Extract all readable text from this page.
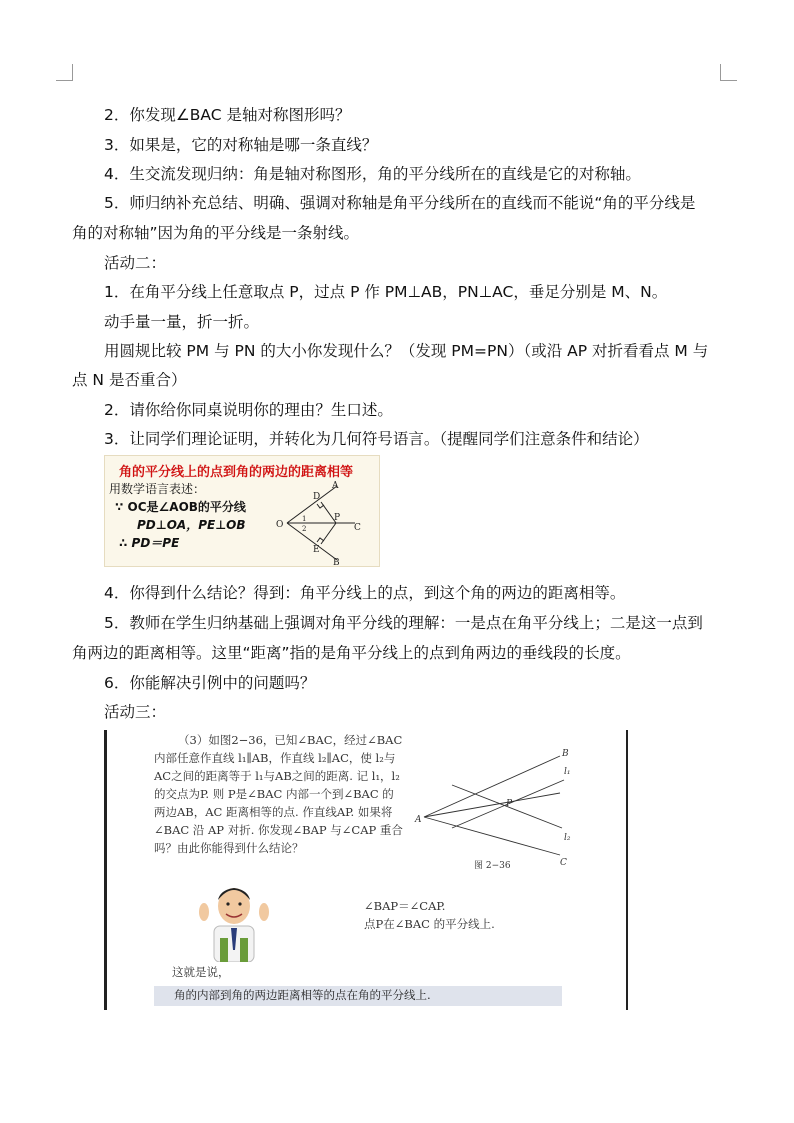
2．你发现∠BAC 是轴对称图形吗？
3．如果是，它的对称轴是哪一条直线？
4．生交流发现归纳：角是轴对称图形，角的平分线所在的直线是它的对称轴。
5．师归纳补充总结、明确、强调对称轴是角平分线所在的直线而不能说“角的平分线是
角的对称轴”因为角的平分线是一条射线。
活动二：
1．在角平分线上任意取点 P，过点 P 作 PM⊥AB，PN⊥AC，垂足分别是 M、N。
动手量一量，折一折。
用圆规比较 PM 与 PN 的大小你发现什么？（发现 PM=PN）（或沿 AP 对折看看点 M 与
点 N 是否重合）
2．请你给你同桌说明你的理由？生口述。
3．让同学们理论证明，并转化为几何符号语言。（提醒同学们注意条件和结论）
角的平分线上的点到角的两边的距离相等
用数学语言表述：
∵ OC是∠AOB的平分线
PD⊥OA，PE⊥OB
∴ PD＝PE
O
A
B
C
D
E
P
1
2
4．你得到什么结论？得到：角平分线上的点，到这个角的两边的距离相等。
5．教师在学生归纳基础上强调对角平分线的理解：一是点在角平分线上；二是这一点到
角两边的距离相等。这里“距离”指的是角平分线上的点到角两边的垂线段的长度。
6．你能解决引例中的问题吗？
活动三：
（3）如图2−36，已知∠BAC，经过∠BAC
内部任意作直线 l₁∥AB，作直线 l₂∥AC，使 l₂与
AC之间的距离等于 l₁与AB之间的距离. 记 l₁，l₂
的交点为P. 则 P是∠BAC 内部一个到∠BAC 的
两边AB，AC 距离相等的点. 作直线AP. 如果将
∠BAC 沿 AP 对折. 你发现∠BAP 与∠CAP 重合
吗？由此你能得到什么结论？
A
B
C
P
l₁
l₂
图 2−36
∠BAP＝∠CAP.
点P在∠BAC 的平分线上.
这就是说，
角的内部到角的两边距离相等的点在角的平分线上.
